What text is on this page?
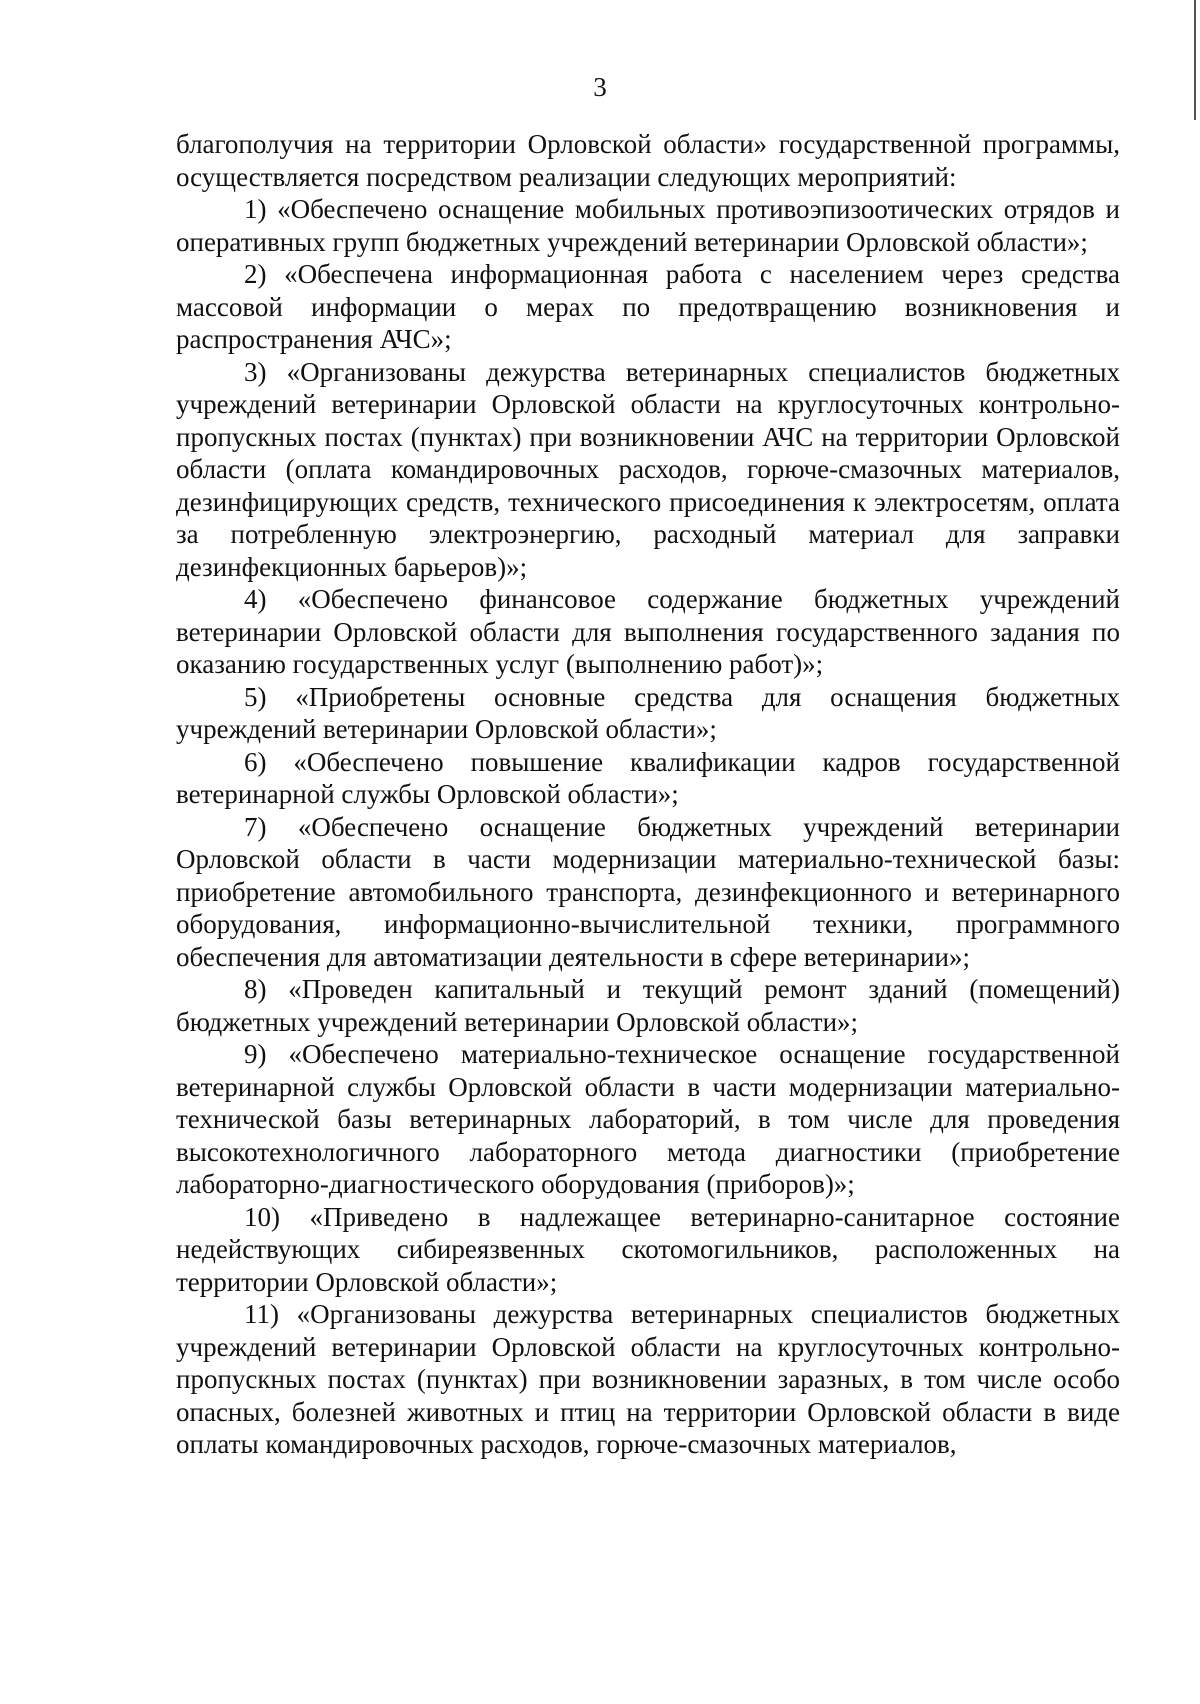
3

благополучия на территории Орловской области» государственной программы, осуществляется посредством реализации следующих мероприятий:

1) «Обеспечено оснащение мобильных противоэпизоотических отрядов и оперативных групп бюджетных учреждений ветеринарии Орловской области»;

2) «Обеспечена информационная работа с населением через средства массовой информации о мерах по предотвращению возникновения и распространения АЧС»;

3) «Организованы дежурства ветеринарных специалистов бюджетных учреждений ветеринарии Орловской области на круглосуточных контрольно-пропускных постах (пунктах) при возникновении АЧС на территории Орловской области (оплата командировочных расходов, горюче-смазочных материалов, дезинфицирующих средств, технического присоединения к электросетям, оплата за потребленную электроэнергию, расходный материал для заправки дезинфекционных барьеров)»;

4) «Обеспечено финансовое содержание бюджетных учреждений ветеринарии Орловской области для выполнения государственного задания по оказанию государственных услуг (выполнению работ)»;

5) «Приобретены основные средства для оснащения бюджетных учреждений ветеринарии Орловской области»;

6) «Обеспечено повышение квалификации кадров государственной ветеринарной службы Орловской области»;

7) «Обеспечено оснащение бюджетных учреждений ветеринарии Орловской области в части модернизации материально-технической базы: приобретение автомобильного транспорта, дезинфекционного и ветеринарного оборудования, информационно-вычислительной техники, программного обеспечения для автоматизации деятельности в сфере ветеринарии»;

8) «Проведен капитальный и текущий ремонт зданий (помещений) бюджетных учреждений ветеринарии Орловской области»;

9) «Обеспечено материально-техническое оснащение государственной ветеринарной службы Орловской области в части модернизации материально-технической базы ветеринарных лабораторий, в том числе для проведения высокотехнологичного лабораторного метода диагностики (приобретение лабораторно-диагностического оборудования (приборов)»;

10) «Приведено в надлежащее ветеринарно-санитарное состояние недействующих сибиреязвенных скотомогильников, расположенных на территории Орловской области»;

11) «Организованы дежурства ветеринарных специалистов бюджетных учреждений ветеринарии Орловской области на круглосуточных контрольно-пропускных постах (пунктах) при возникновении заразных, в том числе особо опасных, болезней животных и птиц на территории Орловской области в виде оплаты командировочных расходов, горюче-смазочных материалов,
